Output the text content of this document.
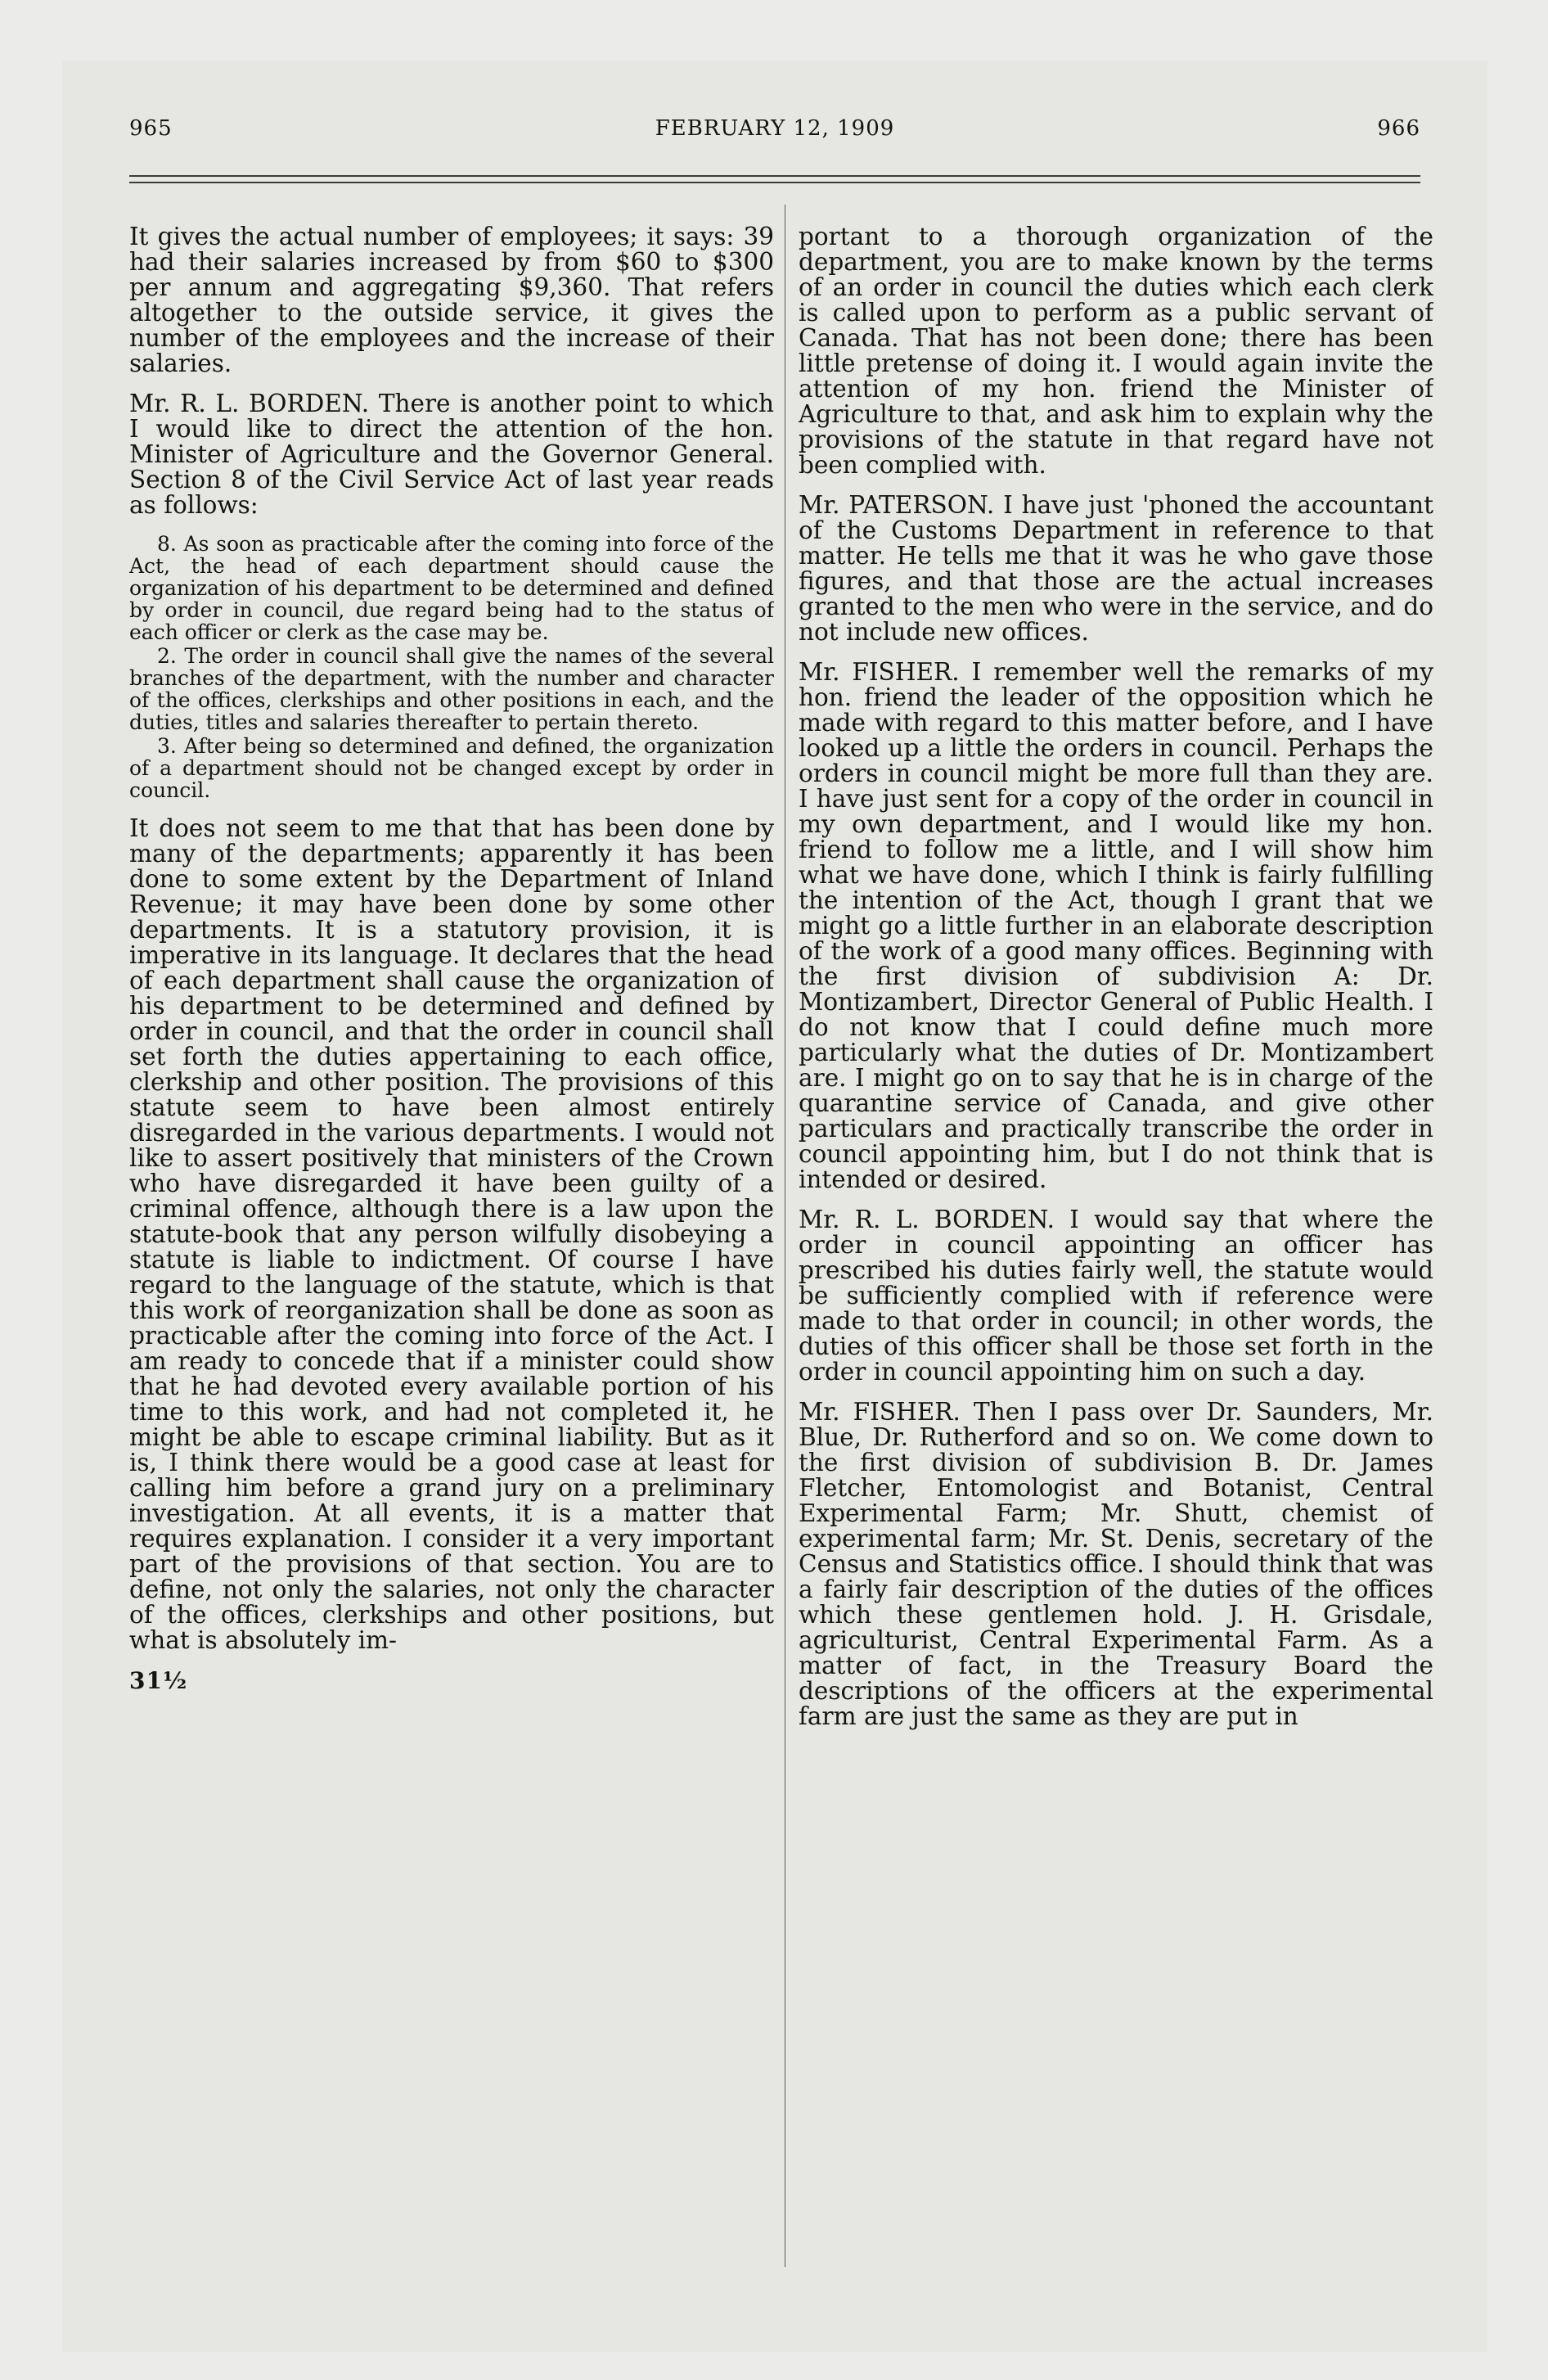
965	FEBRUARY 12, 1909	966

It gives the actual number of employees; it says: 39 had their salaries increased by from $60 to $300 per annum and aggregating $9,360. That refers altogether to the outside service, it gives the number of the employees and the increase of their salaries.

Mr. R. L. BORDEN. There is another point to which I would like to direct the attention of the hon. Minister of Agriculture and the Governor General. Section 8 of the Civil Service Act of last year reads as follows:

8. As soon as practicable after the coming into force of the Act, the head of each department should cause the organization of his department to be determined and defined by order in council, due regard being had to the status of each officer or clerk as the case may be.

2. The order in council shall give the names of the several branches of the department, with the number and character of the offices, clerkships and other positions in each, and the duties, titles and salaries thereafter to pertain thereto.

3. After being so determined and defined, the organization of a department should not be changed except by order in council.

It does not seem to me that that has been done by many of the departments; apparently it has been done to some extent by the Department of Inland Revenue; it may have been done by some other departments. It is a statutory provision, it is imperative in its language. It declares that the head of each department shall cause the organization of his department to be determined and defined by order in council, and that the order in council shall set forth the duties appertaining to each office, clerkship and other position. The provisions of this statute seem to have been almost entirely disregarded in the various departments. I would not like to assert positively that ministers of the Crown who have disregarded it have been guilty of a criminal offence, although there is a law upon the statute-book that any person wilfully disobeying a statute is liable to indictment. Of course I have regard to the language of the statute, which is that this work of reorganization shall be done as soon as practicable after the coming into force of the Act. I am ready to concede that if a minister could show that he had devoted every available portion of his time to this work, and had not completed it, he might be able to escape criminal liability. But as it is, I think there would be a good case at least for calling him before a grand jury on a preliminary investigation. At all events, it is a matter that requires explanation. I consider it a very important part of the provisions of that section. You are to define, not only the salaries, not only the character of the offices, clerkships and other positions, but what is absolutely im-

31½

portant to a thorough organization of the department, you are to make known by the terms of an order in council the duties which each clerk is called upon to perform as a public servant of Canada. That has not been done; there has been little pretense of doing it. I would again invite the attention of my hon. friend the Minister of Agriculture to that, and ask him to explain why the provisions of the statute in that regard have not been complied with.

Mr. PATERSON. I have just 'phoned the accountant of the Customs Department in reference to that matter. He tells me that it was he who gave those figures, and that those are the actual increases granted to the men who were in the service, and do not include new offices.

Mr. FISHER. I remember well the remarks of my hon. friend the leader of the opposition which he made with regard to this matter before, and I have looked up a little the orders in council. Perhaps the orders in council might be more full than they are. I have just sent for a copy of the order in council in my own department, and I would like my hon. friend to follow me a little, and I will show him what we have done, which I think is fairly fulfilling the intention of the Act, though I grant that we might go a little further in an elaborate description of the work of a good many offices. Beginning with the first division of subdivision A: Dr. Montizambert, Director General of Public Health. I do not know that I could define much more particularly what the duties of Dr. Montizambert are. I might go on to say that he is in charge of the quarantine service of Canada, and give other particulars and practically transcribe the order in council appointing him, but I do not think that is intended or desired.

Mr. R. L. BORDEN. I would say that where the order in council appointing an officer has prescribed his duties fairly well, the statute would be sufficiently complied with if reference were made to that order in council; in other words, the duties of this officer shall be those set forth in the order in council appointing him on such a day.

Mr. FISHER. Then I pass over Dr. Saunders, Mr. Blue, Dr. Rutherford and so on. We come down to the first division of subdivision B. Dr. James Fletcher, Entomologist and Botanist, Central Experimental Farm; Mr. Shutt, chemist of experimental farm; Mr. St. Denis, secretary of the Census and Statistics office. I should think that was a fairly fair description of the duties of the offices which these gentlemen hold. J. H. Grisdale, agriculturist, Central Experimental Farm. As a matter of fact, in the Treasury Board the descriptions of the officers at the experimental farm are just the same as they are put in
